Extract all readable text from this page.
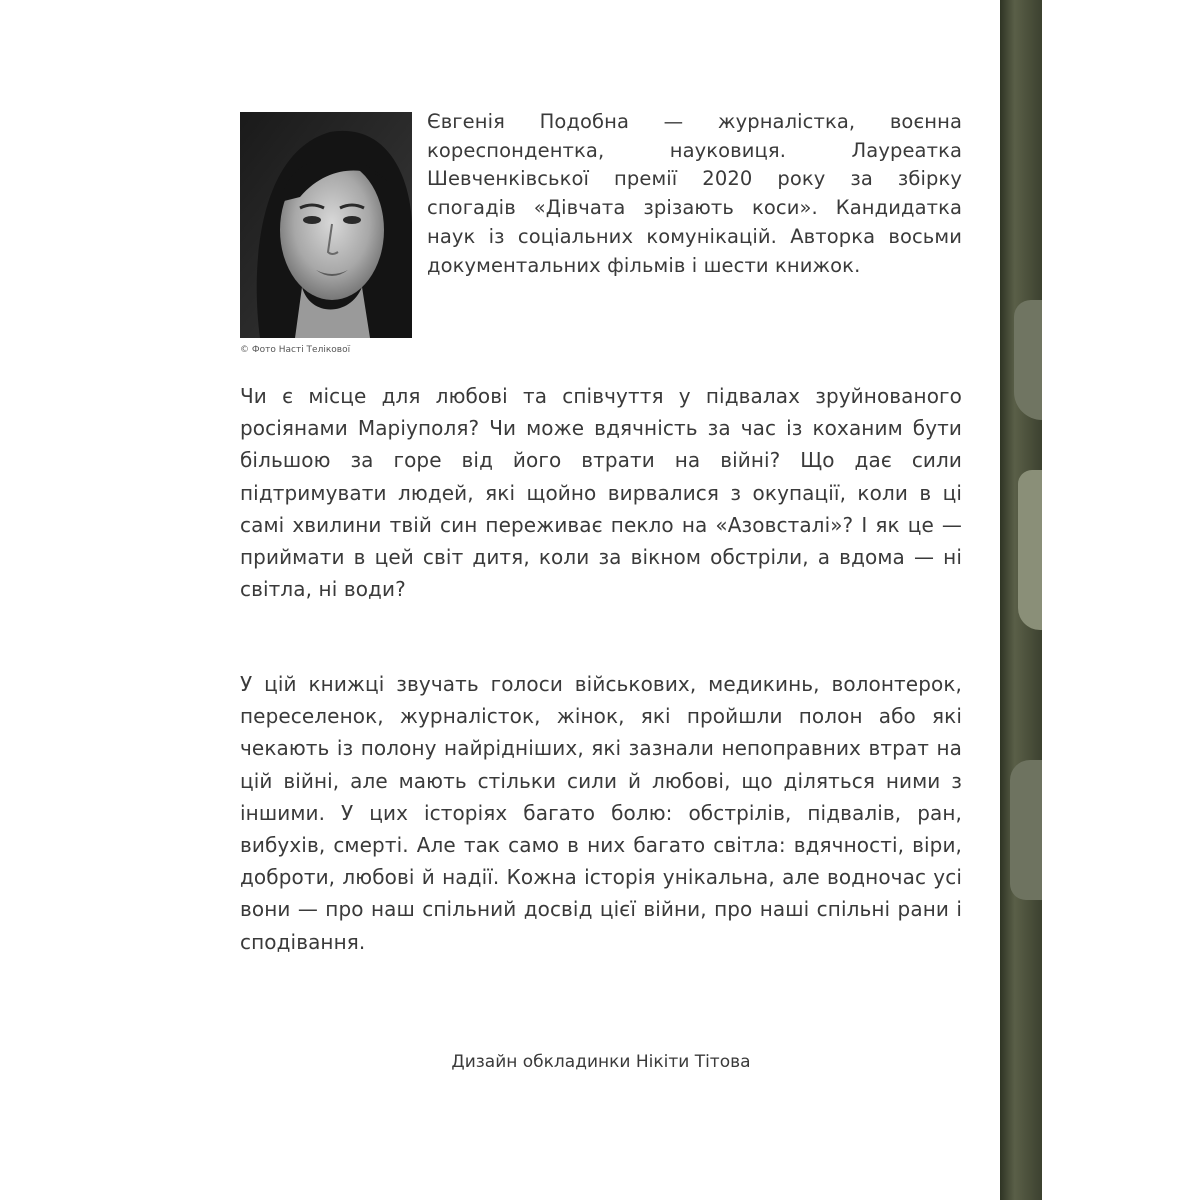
© Фото Насті Телікової
Євгенія Подобна — журналістка, воєнна кореспондентка, науковиця. Лауреатка Шевченківської премії 2020 року за збірку спогадів «Дівчата зрізають коси». Кандидатка наук із соціальних комунікацій. Авторка восьми документальних фільмів і шести книжок.

Чи є місце для любові та співчуття у підвалах зруйнованого росіянами Маріуполя? Чи може вдячність за час із коханим бути більшою за горе від його втрати на війні? Що дає сили підтримувати людей, які щойно вирвалися з окупації, коли в ці самі хвилини твій син переживає пекло на «Азовсталі»? І як це — приймати в цей світ дитя, коли за вікном обстріли, а вдома — ні світла, ні води?

У цій книжці звучать голоси військових, медикинь, волонтерок, переселенок, журналісток, жінок, які пройшли полон або які чекають із полону найрідніших, які зазнали непоправних втрат на цій війні, але мають стільки сили й любові, що діляться ними з іншими. У цих історіях багато болю: обстрілів, підвалів, ран, вибухів, смерті. Але так само в них багато світла: вдячності, віри, доброти, любові й надії. Кожна історія унікальна, але водночас усі вони — про наш спільний досвід цієї війни, про наші спільні рани і сподівання.

Дизайн обкладинки Нікіти Тітова
